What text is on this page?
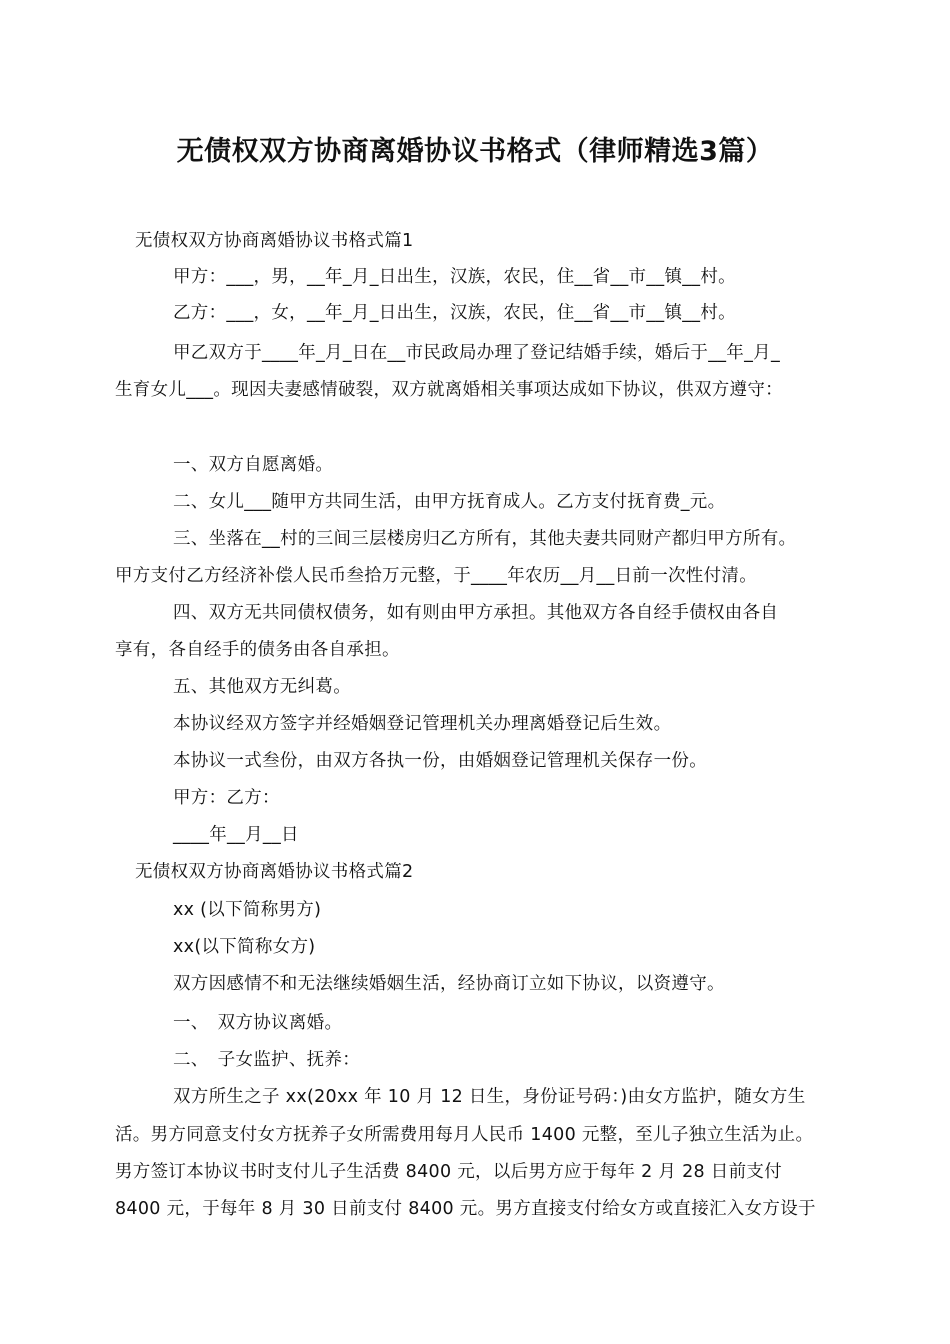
无债权双方协商离婚协议书格式（律师精选3篇）
无债权双方协商离婚协议书格式篇1
甲方：___，男，__年_月_日出生，汉族，农民，住__省__市__镇__村。
乙方：___，女，__年_月_日出生，汉族，农民，住__省__市__镇__村。
甲乙双方于____年_月_日在__市民政局办理了登记结婚手续，婚后于__年_月_
生育女儿___。现因夫妻感情破裂，双方就离婚相关事项达成如下协议，供双方遵守：
一、双方自愿离婚。
二、女儿___随甲方共同生活，由甲方抚育成人。乙方支付抚育费_元。
三、坐落在__村的三间三层楼房归乙方所有，其他夫妻共同财产都归甲方所有。
甲方支付乙方经济补偿人民币叁拾万元整，于____年农历__月__日前一次性付清。
四、双方无共同债权债务，如有则由甲方承担。其他双方各自经手债权由各自
享有，各自经手的债务由各自承担。
五、其他双方无纠葛。
本协议经双方签字并经婚姻登记管理机关办理离婚登记后生效。
本协议一式叁份，由双方各执一份，由婚姻登记管理机关保存一份。
甲方：乙方：
____年__月__日
无债权双方协商离婚协议书格式篇2
xx (以下简称男方)
xx(以下简称女方)
双方因感情不和无法继续婚姻生活，经协商订立如下协议，以资遵守。
一、　双方协议离婚。
二、　子女监护、抚养：
双方所生之子 xx(20xx 年 10 月 12 日生，身份证号码：)由女方监护，随女方生
活。男方同意支付女方抚养子女所需费用每月人民币 1400 元整，至儿子独立生活为止。
男方签订本协议书时支付儿子生活费 8400 元，以后男方应于每年 2 月 28 日前支付
8400 元，于每年 8 月 30 日前支付 8400 元。男方直接支付给女方或直接汇入女方设于
